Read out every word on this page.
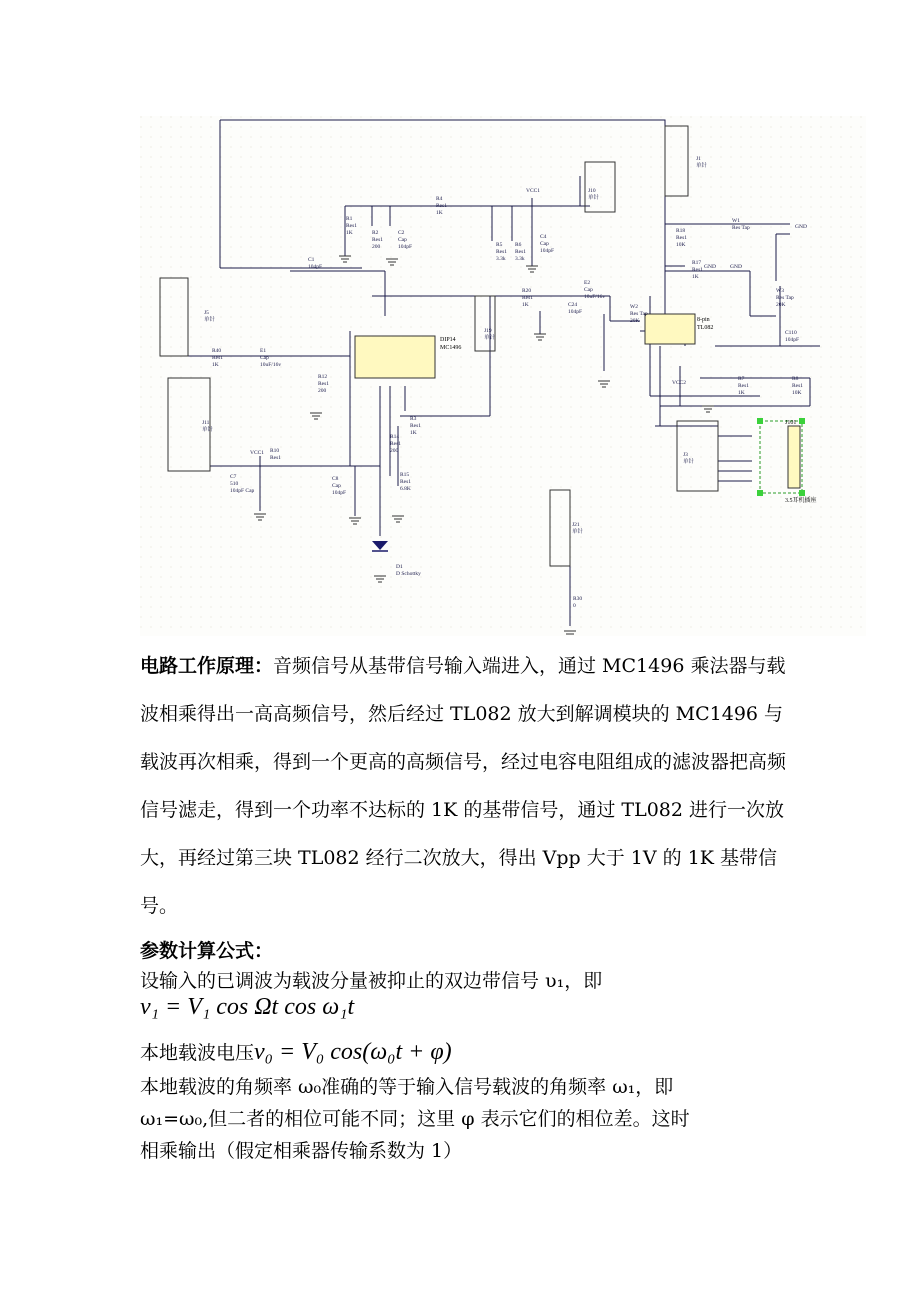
DIP14
MC1496
8-pin
TL082
J101
3.5耳机插座
R1 Res1 1K	R2 Res1 200
C2 Cap 104pF
R4 Res1 1K
VCC1	J10 单针
C4 Cap 104pF
R5 Res1 3.3k
R6 Res1 3.3k
C1 104pF
J5 单针
R40 Res1 1K
E1 Cap 10uF/16v
R12 Res1 200
J11 单针
VCC1 R10 Res1
C7 510 104pF Cap
C8 Cap 104pF
R3 Res1 1K
R14 Res1 200
R15 Res1 6.8K
D1 D Schottky
J19 单针
R20 Res1 1K	C24 104pF
E2 Cap 10uF/16v
W2 Res Tap 20K
J1 单针
W1 Res Tap
R18 Res1 10K
R17 Res1 1K
W3 Res Tap 20K
C110 104pF
VCC2
R7 Res1 1K
R8 Res1 10K
J3 单针
J21 单针
R30 0
GND
GND
GND

电路工作原理：音频信号从基带信号输入端进入，通过 MC1496 乘法器与载波相乘得出一高高频信号，然后经过 TL082 放大到解调模块的 MC1496 与载波再次相乘，得到一个更高的高频信号，经过电容电阻组成的滤波器把高频信号滤走，得到一个功率不达标的 1K 的基带信号，通过 TL082 进行一次放大，再经过第三块 TL082 经行二次放大，得出 Vpp 大于 1V 的 1K 基带信号。

参数计算公式：
设输入的已调波为载波分量被抑止的双边带信号 υ₁，即
v₁ = V₁ cos Ωt cos ω₁t
本地载波电压v₀ = V₀ cos(ω₀t + φ)
本地载波的角频率 ω₀准确的等于输入信号载波的角频率 ω₁，即
ω₁=ω₀,但二者的相位可能不同；这里 φ 表示它们的相位差。这时
相乘输出（假定相乘器传输系数为 1）
